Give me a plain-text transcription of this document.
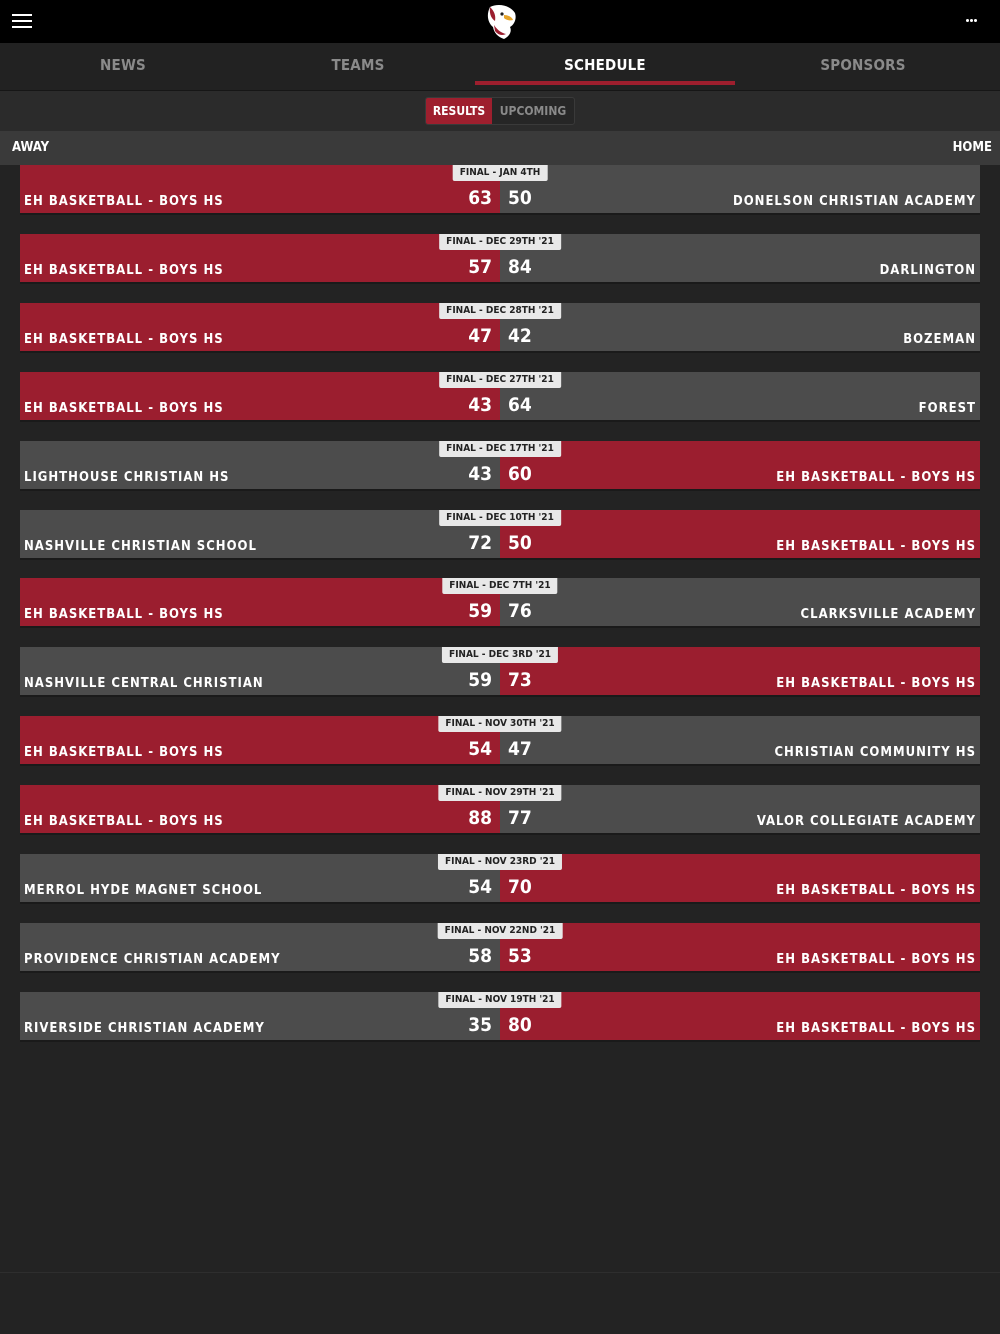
NEWS	TEAMS	SCHEDULE	SPONSORS
RESULTS	UPCOMING
AWAY	HOME
FINAL - JAN 4TH
EH BASKETBALL - BOYS HS	63 50	DONELSON CHRISTIAN ACADEMY
FINAL - DEC 29TH '21
EH BASKETBALL - BOYS HS	57 84	DARLINGTON
FINAL - DEC 28TH '21
EH BASKETBALL - BOYS HS	47 42	BOZEMAN
FINAL - DEC 27TH '21
EH BASKETBALL - BOYS HS	43 64	FOREST
FINAL - DEC 17TH '21
LIGHTHOUSE CHRISTIAN HS	43 60	EH BASKETBALL - BOYS HS
FINAL - DEC 10TH '21
NASHVILLE CHRISTIAN SCHOOL	72 50	EH BASKETBALL - BOYS HS
FINAL - DEC 7TH '21
EH BASKETBALL - BOYS HS	59 76	CLARKSVILLE ACADEMY
FINAL - DEC 3RD '21
NASHVILLE CENTRAL CHRISTIAN	59 73	EH BASKETBALL - BOYS HS
FINAL - NOV 30TH '21
EH BASKETBALL - BOYS HS	54 47	CHRISTIAN COMMUNITY HS
FINAL - NOV 29TH '21
EH BASKETBALL - BOYS HS	88 77	VALOR COLLEGIATE ACADEMY
FINAL - NOV 23RD '21
MERROL HYDE MAGNET SCHOOL	54 70	EH BASKETBALL - BOYS HS
FINAL - NOV 22ND '21
PROVIDENCE CHRISTIAN ACADEMY	58 53	EH BASKETBALL - BOYS HS
FINAL - NOV 19TH '21
RIVERSIDE CHRISTIAN ACADEMY	35 80	EH BASKETBALL - BOYS HS
